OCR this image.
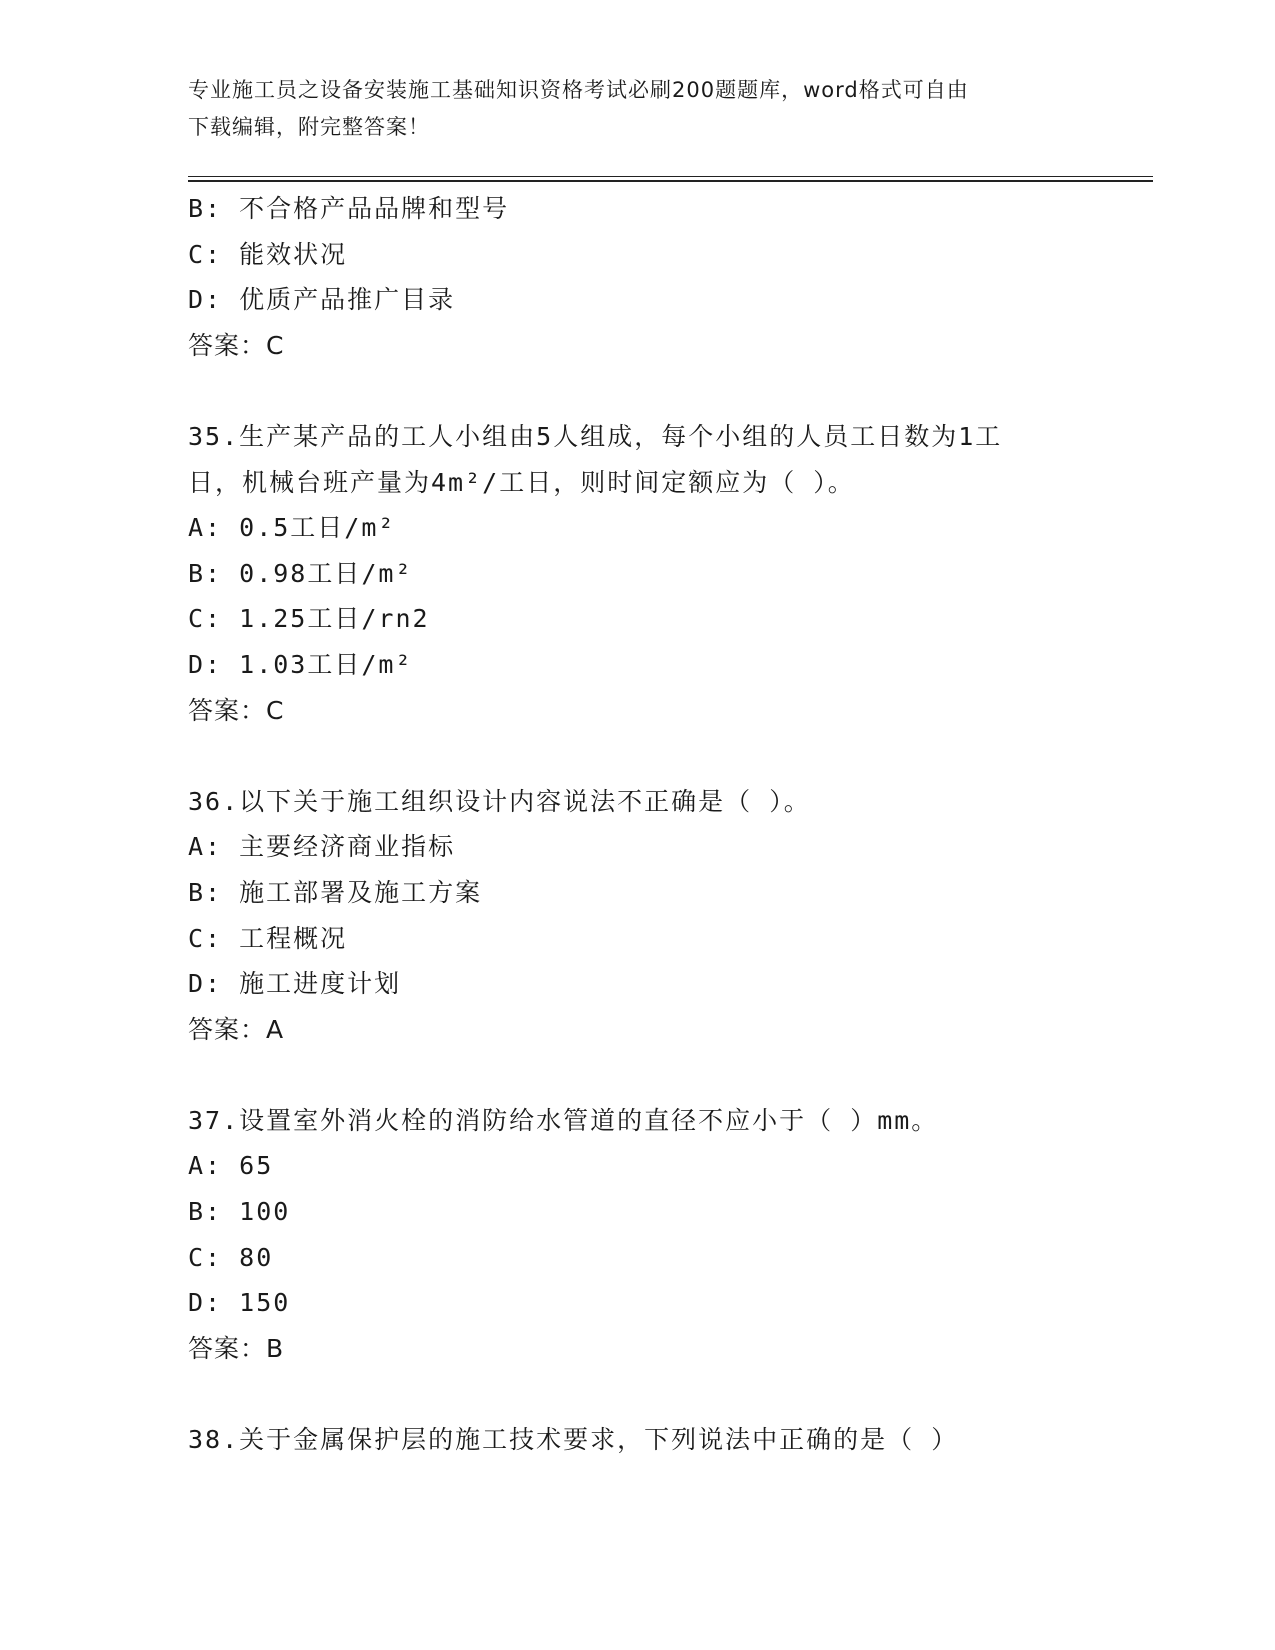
专业施工员之设备安装施工基础知识资格考试必刷200题题库，word格式可自由
下载编辑，附完整答案！
B: 不合格产品品牌和型号
C: 能效状况
D: 优质产品推广目录
答案：C
35.生产某产品的工人小组由5人组成，每个小组的人员工日数为1工
日，机械台班产量为4m²/工日，则时间定额应为（ ）。
A: 0.5工日/m²
B: 0.98工日/m²
C: 1.25工日/rn2
D: 1.03工日/m²
答案：C
36.以下关于施工组织设计内容说法不正确是（ ）。
A: 主要经济商业指标
B: 施工部署及施工方案
C: 工程概况
D: 施工进度计划
答案：A
37.设置室外消火栓的消防给水管道的直径不应小于（ ）mm。
A: 65
B: 100
C: 80
D: 150
答案：B
38.关于金属保护层的施工技术要求，下列说法中正确的是（ ）
